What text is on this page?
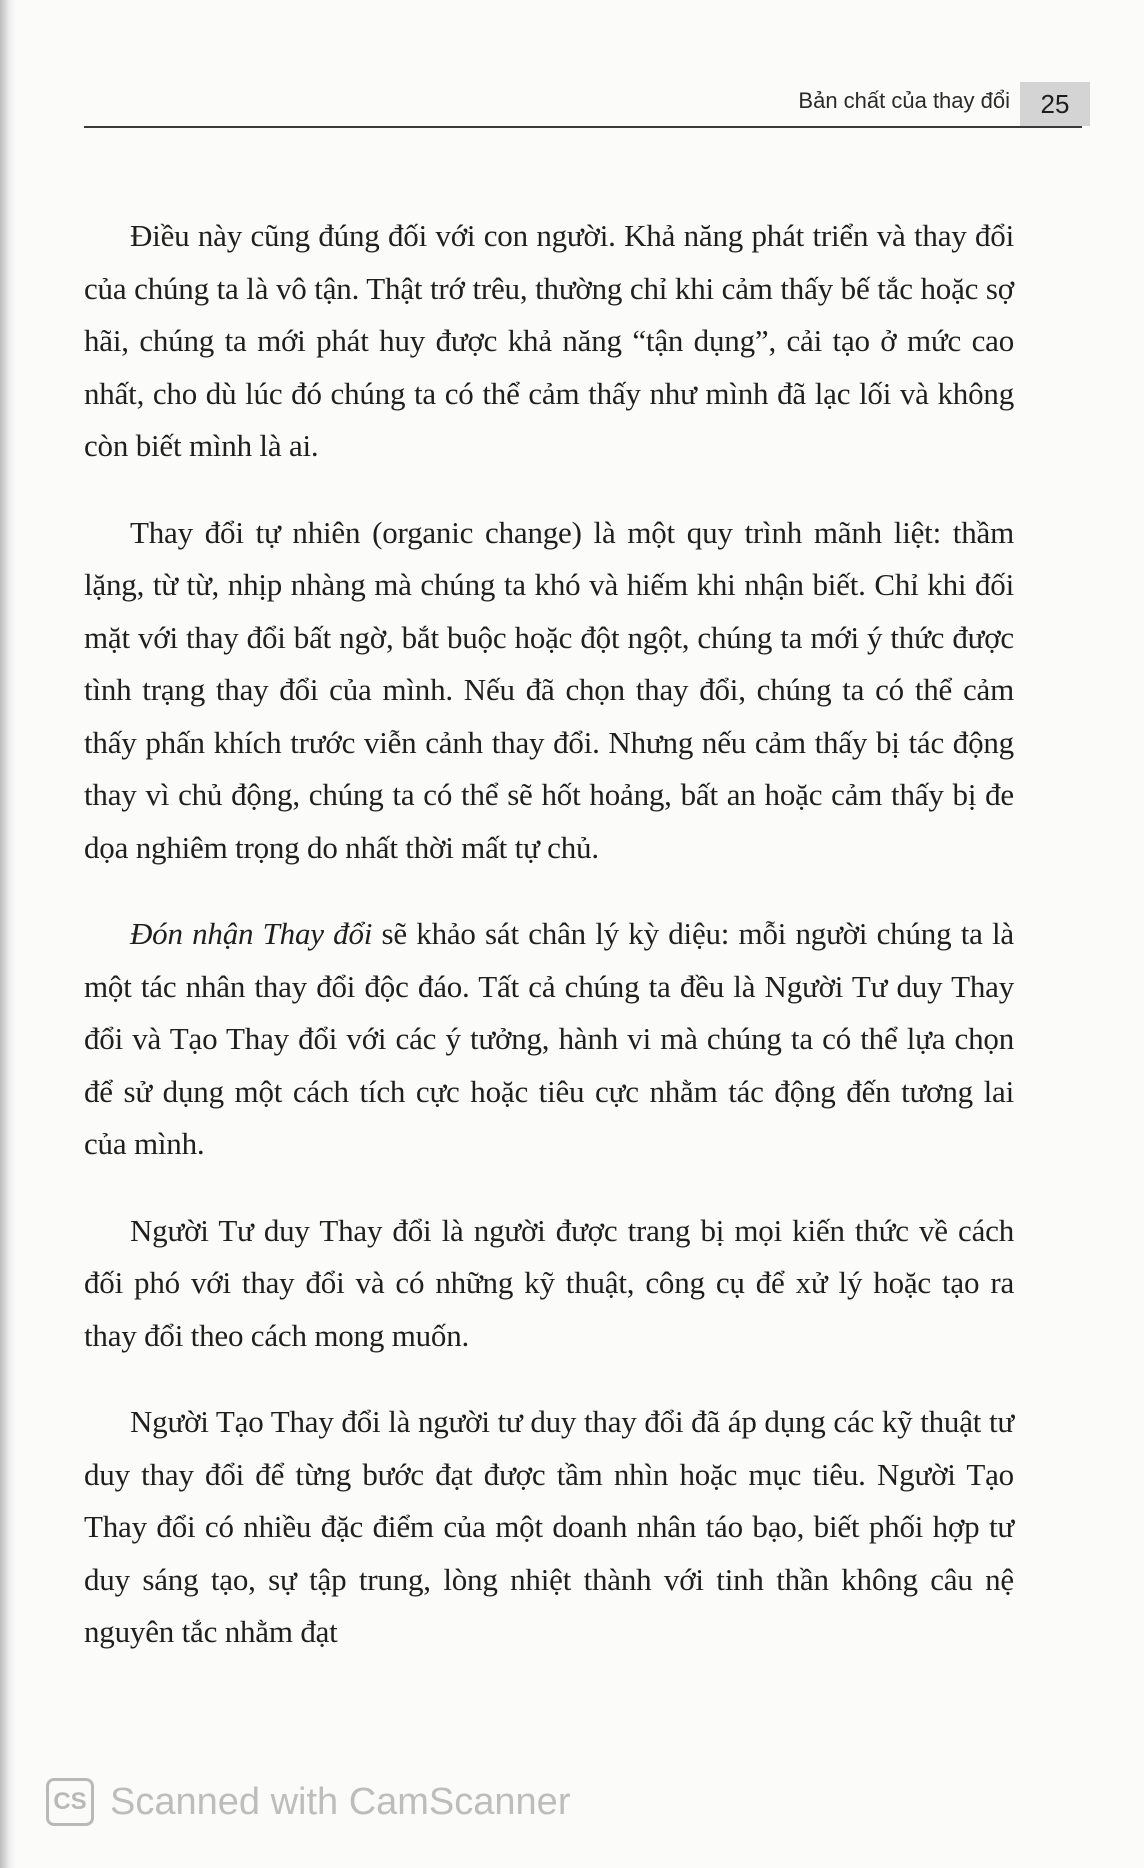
Bản chất của thay đổi	25

Điều này cũng đúng đối với con người. Khả năng phát triển và thay đổi của chúng ta là vô tận. Thật trớ trêu, thường chỉ khi cảm thấy bế tắc hoặc sợ hãi, chúng ta mới phát huy được khả năng “tận dụng”, cải tạo ở mức cao nhất, cho dù lúc đó chúng ta có thể cảm thấy như mình đã lạc lối và không còn biết mình là ai.

Thay đổi tự nhiên (organic change) là một quy trình mãnh liệt: thầm lặng, từ từ, nhịp nhàng mà chúng ta khó và hiếm khi nhận biết. Chỉ khi đối mặt với thay đổi bất ngờ, bắt buộc hoặc đột ngột, chúng ta mới ý thức được tình trạng thay đổi của mình. Nếu đã chọn thay đổi, chúng ta có thể cảm thấy phấn khích trước viễn cảnh thay đổi. Nhưng nếu cảm thấy bị tác động thay vì chủ động, chúng ta có thể sẽ hốt hoảng, bất an hoặc cảm thấy bị đe dọa nghiêm trọng do nhất thời mất tự chủ.

Đón nhận Thay đổi sẽ khảo sát chân lý kỳ diệu: mỗi người chúng ta là một tác nhân thay đổi độc đáo. Tất cả chúng ta đều là Người Tư duy Thay đổi và Tạo Thay đổi với các ý tưởng, hành vi mà chúng ta có thể lựa chọn để sử dụng một cách tích cực hoặc tiêu cực nhằm tác động đến tương lai của mình.

Người Tư duy Thay đổi là người được trang bị mọi kiến thức về cách đối phó với thay đổi và có những kỹ thuật, công cụ để xử lý hoặc tạo ra thay đổi theo cách mong muốn.

Người Tạo Thay đổi là người tư duy thay đổi đã áp dụng các kỹ thuật tư duy thay đổi để từng bước đạt được tầm nhìn hoặc mục tiêu. Người Tạo Thay đổi có nhiều đặc điểm của một doanh nhân táo bạo, biết phối hợp tư duy sáng tạo, sự tập trung, lòng nhiệt thành với tinh thần không câu nệ nguyên tắc nhằm đạt

CS Scanned with CamScanner
